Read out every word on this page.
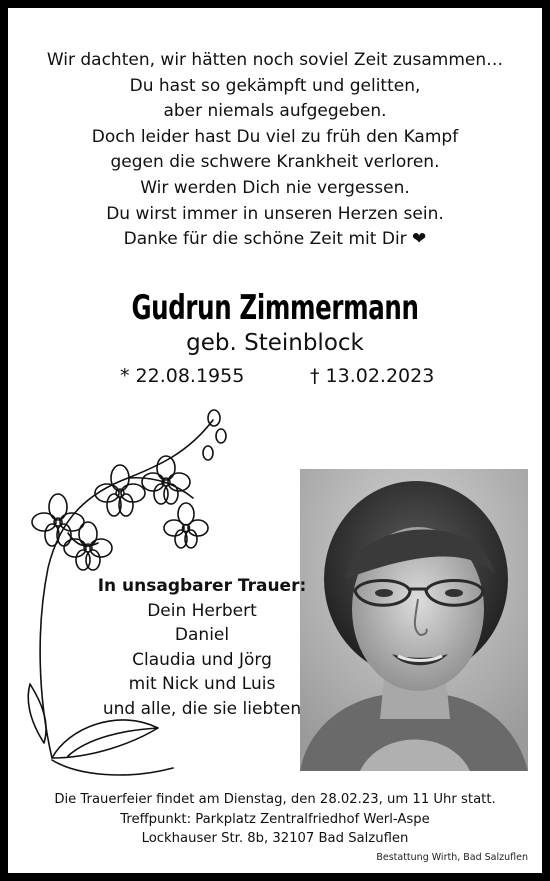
Wir dachten, wir hätten noch soviel Zeit zusammen…
Du hast so gekämpft und gelitten,
aber niemals aufgegeben.
Doch leider hast Du viel zu früh den Kampf
gegen die schwere Krankheit verloren.
Wir werden Dich nie vergessen.
Du wirst immer in unseren Herzen sein.
Danke für die schöne Zeit mit Dir ❤
Gudrun Zimmermann
geb. Steinblock
* 22.08.1955	† 13.02.2023
In unsagbarer Trauer:
Dein Herbert
Daniel
Claudia und Jörg
mit Nick und Luis
und alle, die sie liebten
Die Trauerfeier findet am Dienstag, den 28.02.23, um 11 Uhr statt.
Treffpunkt: Parkplatz Zentralfriedhof Werl-Aspe
Lockhauser Str. 8b, 32107 Bad Salzuflen
Bestattung Wirth, Bad Salzuflen
